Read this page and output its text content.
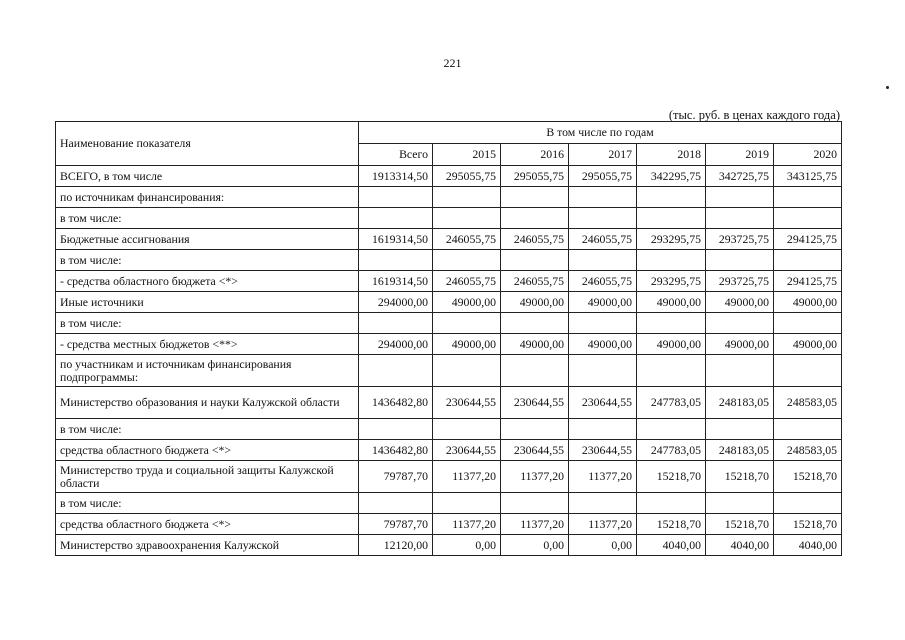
221
(тыс. руб. в ценах каждого года)
Наименование показателя	В том числе по годам						
	Всего	2015	2016	2017	2018	2019	2020
ВСЕГО, в том числе	1913314,50	295055,75	295055,75	295055,75	342295,75	342725,75	343125,75
по источникам финансирования:							
в том числе:							
Бюджетные ассигнования	1619314,50	246055,75	246055,75	246055,75	293295,75	293725,75	294125,75
в том числе:							
- средства областного бюджета <*>	1619314,50	246055,75	246055,75	246055,75	293295,75	293725,75	294125,75
Иные источники	294000,00	49000,00	49000,00	49000,00	49000,00	49000,00	49000,00
в том числе:							
- средства местных бюджетов <**>	294000,00	49000,00	49000,00	49000,00	49000,00	49000,00	49000,00
по участникам и источникам финансирования подпрограммы:							
Министерство образования и науки Калужской области	1436482,80	230644,55	230644,55	230644,55	247783,05	248183,05	248583,05
в том числе:							
средства областного бюджета <*>	1436482,80	230644,55	230644,55	230644,55	247783,05	248183,05	248583,05
Министерство труда и социальной защиты Калужской области	79787,70	11377,20	11377,20	11377,20	15218,70	15218,70	15218,70
в том числе:							
средства областного бюджета <*>	79787,70	11377,20	11377,20	11377,20	15218,70	15218,70	15218,70
Министерство здравоохранения Калужской	12120,00	0,00	0,00	0,00	4040,00	4040,00	4040,00
